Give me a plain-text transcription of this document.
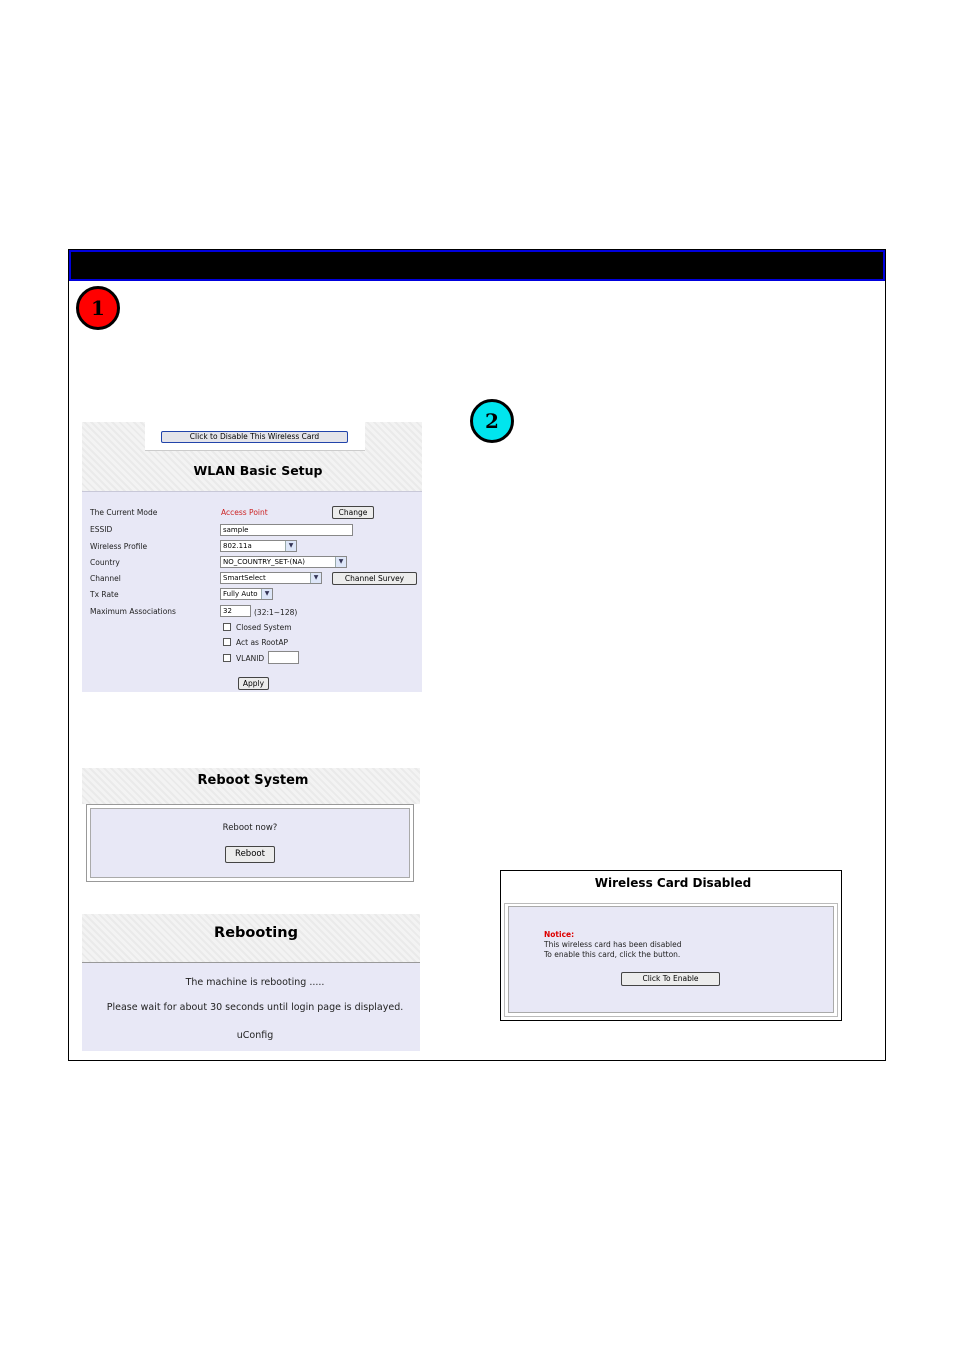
1
2
Click to Disable This Wireless Card
WLAN Basic Setup
The Current Mode	Access Point	Change
ESSID	sample
Wireless Profile	802.11a	▼
Country	NO_COUNTRY_SET-(NA)	▼
Channel	SmartSelect	▼	Channel Survey
Tx Rate	Fully Auto	▼
Maximum Associations	32	(32:1~128)
Closed System
Act as RootAP
VLANID
Apply
Reboot System
Reboot now?
Reboot
Rebooting
The machine is rebooting .....
Please wait for about 30 seconds until login page is displayed.
uConfig
Wireless Card Disabled
Notice:
This wireless card has been disabled
To enable this card, click the button.
Click To Enable
